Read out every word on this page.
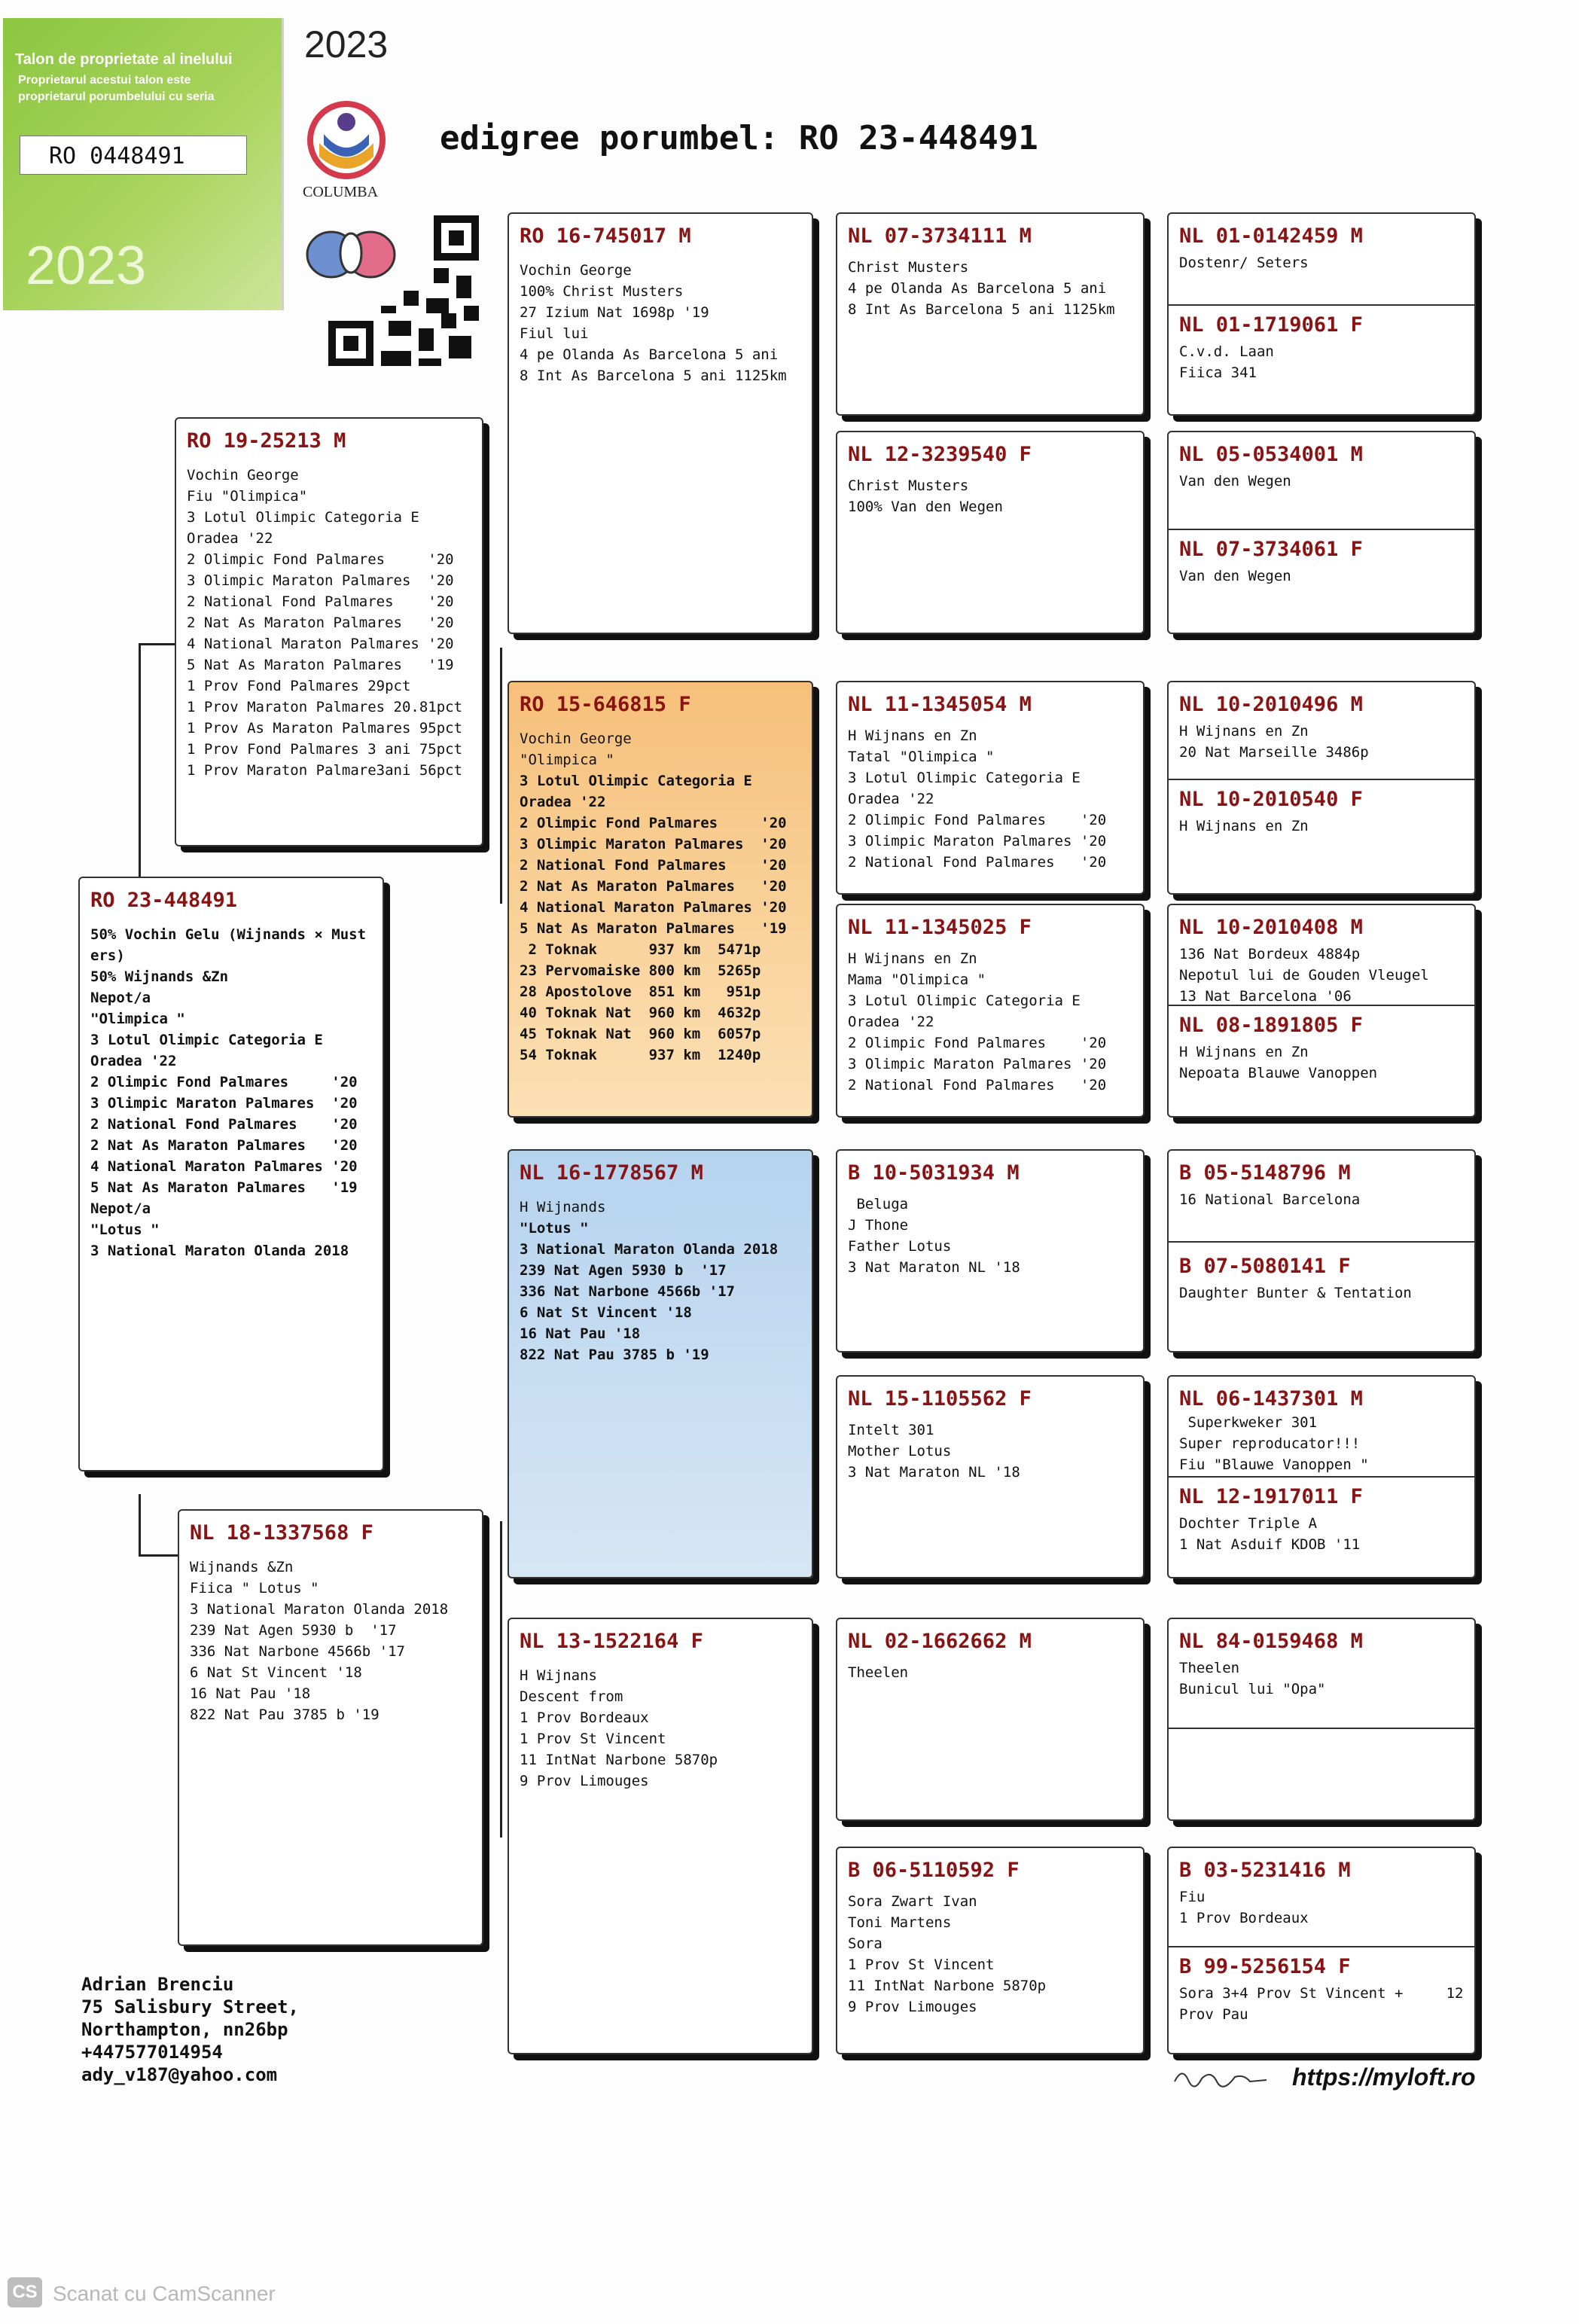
Talon de proprietate al inelului
Proprietarul acestui talon este
proprietarul porumbelului cu seria
RO 0448491
2023
2023
COLUMBA
edigree porumbel: RO 23-448491
RO 23-448491
50% Vochin Gelu (Wijnands × Must
ers)
50% Wijnands &Zn
Nepot/a
"Olimpica "
3 Lotul Olimpic Categoria E
Oradea '22
2 Olimpic Fond Palmares     '20
3 Olimpic Maraton Palmares  '20
2 National Fond Palmares    '20
2 Nat As Maraton Palmares   '20
4 National Maraton Palmares '20
5 Nat As Maraton Palmares   '19
Nepot/a
"Lotus "
3 National Maraton Olanda 2018
RO 19-25213 M
Vochin George
Fiu "Olimpica"
3 Lotul Olimpic Categoria E
Oradea '22
2 Olimpic Fond Palmares     '20
3 Olimpic Maraton Palmares  '20
2 National Fond Palmares    '20
2 Nat As Maraton Palmares   '20
4 National Maraton Palmares '20
5 Nat As Maraton Palmares   '19
1 Prov Fond Palmares 29pct
1 Prov Maraton Palmares 20.81pct
1 Prov As Maraton Palmares 95pct
1 Prov Fond Palmares 3 ani 75pct
1 Prov Maraton Palmare3ani 56pct
NL 18-1337568 F
Wijnands &Zn
Fiica " Lotus "
3 National Maraton Olanda 2018
239 Nat Agen 5930 b  '17
336 Nat Narbone 4566b '17
6 Nat St Vincent '18
16 Nat Pau '18
822 Nat Pau 3785 b '19
RO 16-745017 M
Vochin George
100% Christ Musters
27 Izium Nat 1698p '19
Fiul lui
4 pe Olanda As Barcelona 5 ani
8 Int As Barcelona 5 ani 1125km
RO 15-646815 F
Vochin George
"Olimpica "
3 Lotul Olimpic Categoria E
Oradea '22
2 Olimpic Fond Palmares     '20
3 Olimpic Maraton Palmares  '20
2 National Fond Palmares    '20
2 Nat As Maraton Palmares   '20
4 National Maraton Palmares '20
5 Nat As Maraton Palmares   '19
2 Toknak      937 km  5471p
23 Pervomaiske 800 km  5265p
28 Apostolove  851 km   951p
40 Toknak Nat  960 km  4632p
45 Toknak Nat  960 km  6057p
54 Toknak      937 km  1240p
NL 16-1778567 M
H Wijnands
"Lotus "
3 National Maraton Olanda 2018
239 Nat Agen 5930 b  '17
336 Nat Narbone 4566b '17
6 Nat St Vincent '18
16 Nat Pau '18
822 Nat Pau 3785 b '19
NL 13-1522164 F
H Wijnans
Descent from
1 Prov Bordeaux
1 Prov St Vincent
11 IntNat Narbone 5870p
9 Prov Limouges
NL 07-3734111 M
Christ Musters
4 pe Olanda As Barcelona 5 ani
8 Int As Barcelona 5 ani 1125km
NL 12-3239540 F
Christ Musters
100% Van den Wegen
NL 11-1345054 M
H Wijnans en Zn
Tatal "Olimpica "
3 Lotul Olimpic Categoria E
Oradea '22
2 Olimpic Fond Palmares    '20
3 Olimpic Maraton Palmares '20
2 National Fond Palmares   '20
NL 11-1345025 F
H Wijnans en Zn
Mama "Olimpica "
3 Lotul Olimpic Categoria E
Oradea '22
2 Olimpic Fond Palmares    '20
3 Olimpic Maraton Palmares '20
2 National Fond Palmares   '20
B 10-5031934 M
Beluga
J Thone
Father Lotus
3 Nat Maraton NL '18
NL 15-1105562 F
Intelt 301
Mother Lotus
3 Nat Maraton NL '18
NL 02-1662662 M
Theelen
B 06-5110592 F
Sora Zwart Ivan
Toni Martens
Sora
1 Prov St Vincent
11 IntNat Narbone 5870p
9 Prov Limouges
NL 01-0142459 M
Dostenr/ Seters
NL 01-1719061 F
C.v.d. Laan
Fiica 341
NL 05-0534001 M
Van den Wegen
NL 07-3734061 F
Van den Wegen
NL 10-2010496 M
H Wijnans en Zn
20 Nat Marseille 3486p
NL 10-2010540 F
H Wijnans en Zn
NL 10-2010408 M
136 Nat Bordeux 4884p
Nepotul lui de Gouden Vleugel
13 Nat Barcelona '06
NL 08-1891805 F
H Wijnans en Zn
Nepoata Blauwe Vanoppen
B 05-5148796 M
16 National Barcelona
B 07-5080141 F
Daughter Bunter & Tentation
NL 06-1437301 M
Superkweker 301
Super reproducator!!!
Fiu "Blauwe Vanoppen "
NL 12-1917011 F
Dochter Triple A
1 Nat Asduif KDOB '11
NL 84-0159468 M
Theelen
Bunicul lui "Opa"
B 03-5231416 M
Fiu
1 Prov Bordeaux
B 99-5256154 F
Sora 3+4 Prov St Vincent +     12
Prov Pau
Adrian Brenciu
75 Salisbury Street,
Northampton, nn26bp
+447577014954
ady_v187@yahoo.com	https://myloft.ro
CS Scanat cu CamScanner
